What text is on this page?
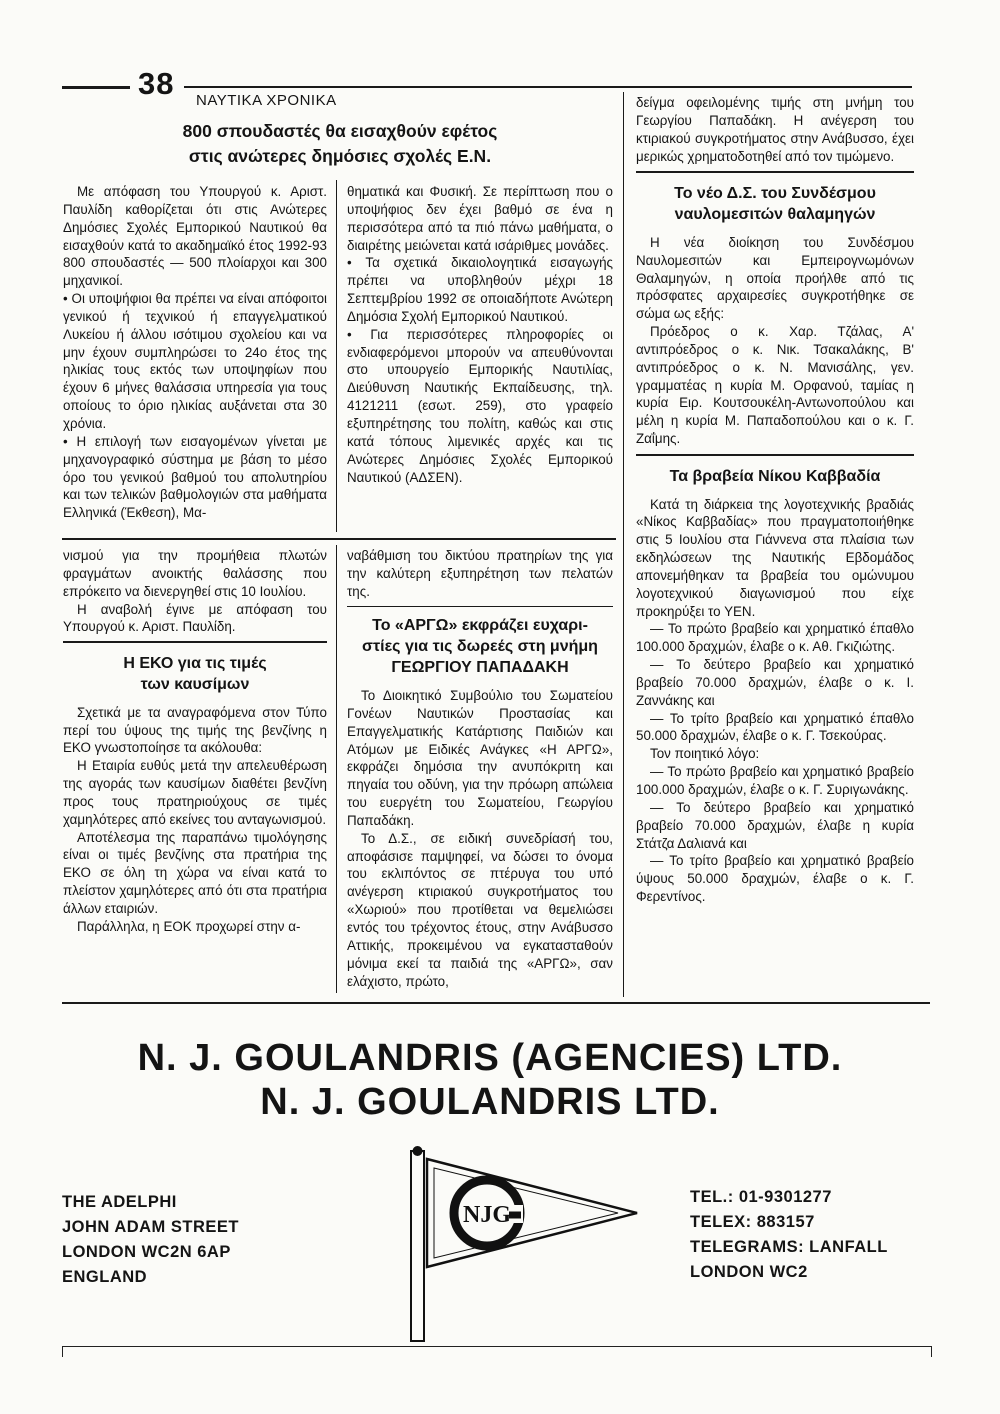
38 ΝΑΥΤΙΚΑ ΧΡΟΝΙΚΑ
800 σπουδαστές θα εισαχθούν εφέτος
στις ανώτερες δημόσιες σχολές Ε.Ν.

Με απόφαση του Υπουργού κ. Αριστ. Παυλίδη καθορίζεται ότι στις Ανώτερες Δημόσιες Σχολές Εμπορικού Ναυτικού θα εισαχθούν κατά το ακαδημαϊκό έτος 1992-93 800 σπουδαστές — 500 πλοίαρχοι και 300 μηχανικοί.

• Οι υποψήφιοι θα πρέπει να είναι απόφοιτοι γενικού ή τεχνικού ή επαγγελματικού Λυκείου ή άλλου ισότιμου σχολείου και να μην έχουν συμπληρώσει το 24ο έτος της ηλικίας τους εκτός των υποψηφίων που έχουν 6 μήνες θαλάσσια υπηρεσία για τους οποίους το όριο ηλικίας αυξάνεται στα 30 χρόνια.

• Η επιλογή των εισαγομένων γίνεται με μηχανογραφικό σύστημα με βάση το μέσο όρο του γενικού βαθμού του απολυτηρίου και των τελικών βαθμολογιών στα μαθήματα Ελληνικά (Έκθεση), Μα-

θηματικά και Φυσική. Σε περίπτωση που ο υποψήφιος δεν έχει βαθμό σε ένα η περισσότερα από τα πιό πάνω μαθήματα, ο διαιρέτης μειώνεται κατά ισάριθμες μονάδες.

• Τα σχετικά δικαιολογητικά εισαγωγής πρέπει να υποβληθούν μέχρι 18 Σεπτεμβρίου 1992 σε οποιαδήποτε Ανώτερη Δημόσια Σχολή Εμπορικού Ναυτικού.

• Για περισσότερες πληροφορίες οι ενδιαφερόμενοι μπορούν να απευθύνονται στο υπουργείο Εμπορικής Ναυτιλίας, Διεύθυνση Ναυτικής Εκπαίδευσης, τηλ. 4121211 (εσωτ. 259), στο γραφείο εξυπηρέτησης του πολίτη, καθώς και στις κατά τόπους λιμενικές αρχές και τις Ανώτερες Δημόσιες Σχολές Εμπορικού Ναυτικού (ΑΔΣΕΝ).

νισμού για την προμήθεια πλωτών φραγμάτων ανοικτής θαλάσσης που επρόκειτο να διενεργηθεί στις 10 Ιουλίου.

Η αναβολή έγινε με απόφαση του Υπουργού κ. Αριστ. Παυλίδη.

Η ΕΚΟ για τις τιμές
των καυσίμων

Σχετικά με τα αναγραφόμενα στον Τύπο περί του ύψους της τιμής της βενζίνης η ΕΚΟ γνωστοποίησε τα ακόλουθα:

Η Εταιρία ευθύς μετά την απελευθέρωση της αγοράς των καυσίμων διαθέτει βενζίνη προς τους πρατηριούχους σε τιμές χαμηλότερες από εκείνες του ανταγωνισμού.

Αποτέλεσμα της παραπάνω τιμολόγησης είναι οι τιμές βενζίνης στα πρατήρια της ΕΚΟ σε όλη τη χώρα να είναι κατά το πλείστον χαμηλότερες από ότι στα πρατήρια άλλων εταιριών.

Παράλληλα, η ΕΟΚ προχωρεί στην α-

ναβάθμιση του δικτύου πρατηρίων της για την καλύτερη εξυπηρέτηση των πελατών της.

Το «ΑΡΓΩ» εκφράζει ευχαρι-
στίες για τις δωρεές στη μνήμη
ΓΕΩΡΓΙΟΥ ΠΑΠΑΔΑΚΗ

Το Διοικητικό Συμβούλιο του Σωματείου Γονέων Ναυτικών Προστασίας και Επαγγελματικής Κατάρτισης Παιδιών και Ατόμων με Ειδικές Ανάγκες «Η ΑΡΓΩ», εκφράζει δημόσια την ανυπόκριτη και πηγαία του οδύνη, για την πρόωρη απώλεια του ευεργέτη του Σωματείου, Γεωργίου Παπαδάκη.

Το Δ.Σ., σε ειδική συνεδρίασή του, αποφάσισε παμψηφεί, να δώσει το όνομα του εκλιπόντος σε πτέρυγα του υπό ανέγερση κτιριακού συγκροτήματος του «Χωριού» που προτίθεται να θεμελιώσει εντός του τρέχοντος έτους, στην Ανάβυσσο Αττικής, προκειμένου να εγκατασταθούν μόνιμα εκεί τα παιδιά της «ΑΡΓΩ», σαν ελάχιστο, πρώτο,

δείγμα οφειλομένης τιμής στη μνήμη του Γεωργίου Παπαδάκη. Η ανέγερση του κτιριακού συγκροτήματος στην Ανάβυσσο, έχει μερικώς χρηματοδοτηθεί από τον τιμώμενο.

Το νέο Δ.Σ. του Συνδέσμου
ναυλομεσιτών θαλαμηγών

Η νέα διοίκηση του Συνδέσμου Ναυλομεσιτών και Εμπειρογνωμόνων Θαλαμηγών, η οποία προήλθε από τις πρόσφατες αρχαιρεσίες συγκροτήθηκε σε σώμα ως εξής:

Πρόεδρος ο κ. Χαρ. Τζάλας, Α' αντιπρόεδρος ο κ. Νικ. Τσακαλάκης, Β' αντιπρόεδρος ο κ. Ν. Μανισάλης, γεν. γραμματέας η κυρία Μ. Ορφανού, ταμίας η κυρία Ειρ. Κουτσουκέλη-Αντωνοπούλου και μέλη η κυρία Μ. Παπαδοπούλου και ο κ. Γ. Ζαΐμης.

Τα βραβεία Νίκου Καββαδία

Κατά τη διάρκεια της λογοτεχνικής βραδιάς «Νίκος Καββαδίας» που πραγματοποιήθηκε στις 5 Ιουλίου στα Γιάννενα στα πλαίσια των εκδηλώσεων της Ναυτικής Εβδομάδος απονεμήθηκαν τα βραβεία του ομώνυμου λογοτεχνικού διαγωνισμού που είχε προκηρύξει το ΥΕΝ.

— Το πρώτο βραβείο και χρηματικό έπαθλο 100.000 δραχμών, έλαβε ο κ. Αθ. Γκιζιώτης.

— Το δεύτερο βραβείο και χρηματικό βραβείο 70.000 δραχμών, έλαβε ο κ. Ι. Ζαννάκης και

— Το τρίτο βραβείο και χρηματικό έπαθλο 50.000 δραχμών, έλαβε ο κ. Γ. Τσεκούρας.

Τον ποιητικό λόγο:

— Το πρώτο βραβείο και χρηματικό βραβείο 100.000 δραχμών, έλαβε ο κ. Γ. Συριγωνάκης.

— Το δεύτερο βραβείο και χρηματικό βραβείο 70.000 δραχμών, έλαβε η κυρία Στάτζα Δαλιανά και

— Το τρίτο βραβείο και χρηματικό βραβείο ύψους 50.000 δραχμών, έλαβε ο κ. Γ. Φερεντίνος.

N. J. GOULANDRIS (AGENCIES) LTD.
N. J. GOULANDRIS LTD.
THE ADELPHI
JOHN ADAM STREET
LONDON WC2N 6AP
ENGLAND
NJG
TEL.: 01-9301277
TELEX: 883157
TELEGRAMS: LANFALL
LONDON WC2
